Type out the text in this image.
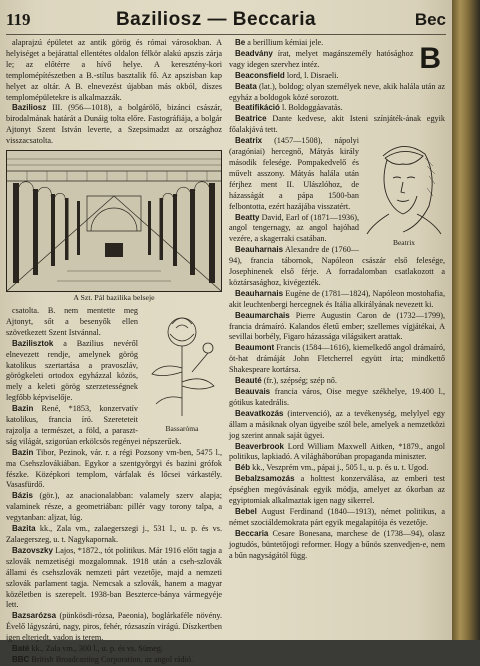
119	Baziliosz — Beccaria	Bec

alaprajzú épületet az antik görög és római városokban. A helyiséget a bejárattal ellentétes oldalon félkör alakú apszis zárja le; az előtérre a hívő helye. A keresztény-kori templomépítészetben a B.-stílus basztalik fő. Az apszisban kap helyet az oltár. A B. elnevezést újabban más okból, díszes templomépületekre is alkalmazzák.

Baziliosz III. (956—1018), a bolgárölő, bizánci császár, birodalmának határát a Dunáig tolta előre. Fastográfiája, a bolgár Ajtonyt Szent István leverte, a Szepsimadzt az országhoz visszacsatolta.

A Szt. Pál bazilika belseje
Bassaróma

csatolta. B. nem mentette meg Ajtonyt, sőt a besenyők ellen szövetkezett Szent Istvánnal.

Bazilisztok a Bazilius nevéről elnevezett rendje, amelynek görög katolikus szertartása a pravoszláv, görögkeleti ortodox egyházzal közös, mely a keleti görög szerzetességnek legfőbb képviselője.

Bazin René, *1853, konzervatív katolikus, francia író. Szereteteit rajzolja a természet, a föld, a paraszt-ság világát, szigorúan erkölcsös regényei népszerűek.

Bazin Tibor, Pezinok, vár. r. a régi Pozsony vm-ben, 5475 l., ma Csehszlovákiában. Egykor a szentgyörgyi és bazini grófok fészke. Középkori templom, várfalak és lőcsei várkastély. Vasasfürdő.

Bázis (gör.), az anacionalabban: valamely szerv alapja; valaminek része, a geometriában: pillér vagy torony talpa, a vegytanban: aljzat, lúg.

Bazita kk., Zala vm., zalaegerszegi j., 531 l., u. p. és vs. Zalaegerszeg, u. t. Nagykapornak.

Bazovszky Lajos, *1872., tót politikus. Már 1916 előtt tagja a szlovák nemzetiségi mozgalomnak. 1918 után a cseh-szlovák állami és csehszlovák nemzeti párt vezetője, majd a nemzeti szlovák parlament tagja. Nemcsak a szlovák, hanem a magyar közéletben is szerepelt. 1938-ban Beszterce-bánya vármegyéje lett.

Bazsarózsa (pünkösdi-rózsa, Paeonia), boglárkaféle növény. Évelő lágyszárú, nagy, piros, fehér, rózsaszín virágú. Díszkertben igen elterjedt, vadon is terem.

Baté kk., Zala vm., 300 l., u. p. és vs. Sümeg.

BBC British Broadcasting Corporation, az angol rádió.

B

Be a berillium kémiai jele.

Beadvány írat, melyet magánszemély hatósághoz vagy idegen szervhez intéz.

Beaconsfield lord, l. Disraeli.

Beata (lat.), boldog; olyan személyek neve, akik halála után az egyház a boldogok közé sorozott.

Beatifikáció l. Boldoggáavatás.

Beatrice Dante kedvese, akit Isteni színjáték-ának egyik főalakjává tett.

Beatrix

Beatrix (1457—1508), nápolyi (aragóniai) hercegnő, Mátyás király második felesége. Pompakedvelő és művelt asszony. Mátyás halála után férjhez ment II. Ulászlóhoz, de házasságát a pápa 1500-ban felbontotta, ezért hazájába visszatért.

Beatty David, Earl of (1871—1936), angol tengernagy, az angol hajóhad vezére, a skagerraki csatában.

Beauharnais Alexandre de (1760—94), francia tábornok, Napóleon császár első felesége, Josephinenek első férje. A forradalomban csatlakozott a köztársasághoz, kivégezték.

Beauharnais Eugène de (1781—1824), Napóleon mostohafia, akit leuchtenbergi hercegnek és Itália alkirályának nevezett ki.

Beaumarchais Pierre Augustin Caron de (1732—1799), francia drámaíró. Kalandos életű ember; szellemes vígjátékai, A sevillai borbély, Figaro házassága világsikert arattak.

Beaumont Francis (1584—1616), kiemelkedő angol drámaíró, öt-hat drámáját John Fletcherrel együtt írta; mindkettő Shakespeare kortársa.

Beauté (fr.), szépség; szép nő.

Beauvais francia város, Oise megye székhelye, 19.400 l., gótikus katedrális.

Beavatkozás (intervenció), az a tevékenység, melylyel egy állam a másiknak olyan ügyeibe szól bele, amelyek a nemzetközi jog szerint annak saját ügyei.

Beaverbrook Lord William Maxwell Aitken, *1879., angol politikus, lapkiadó. A világháborúban propaganda miniszter.

Béb kk., Veszprém vm., pápai j., 505 l., u. p. és u. t. Ugod.

Bebalzsamozás a holttest konzerválása, az emberi test épségben megóvásának egyik módja, amelyet az ókorban az egyiptomiak alkalmaztak igen nagy sikerrel.

Bebel August Ferdinand (1840—1913), német politikus, a német szociáldemokrata párt egyik megalapítója és vezetője.

Beccaria Cesare Bonesana, marchese de (1738—94), olasz jogtudós, büntetőjogi reformer. Hogy a bűnös szenvedjen-e, nem a bűn nagyságától függ.
